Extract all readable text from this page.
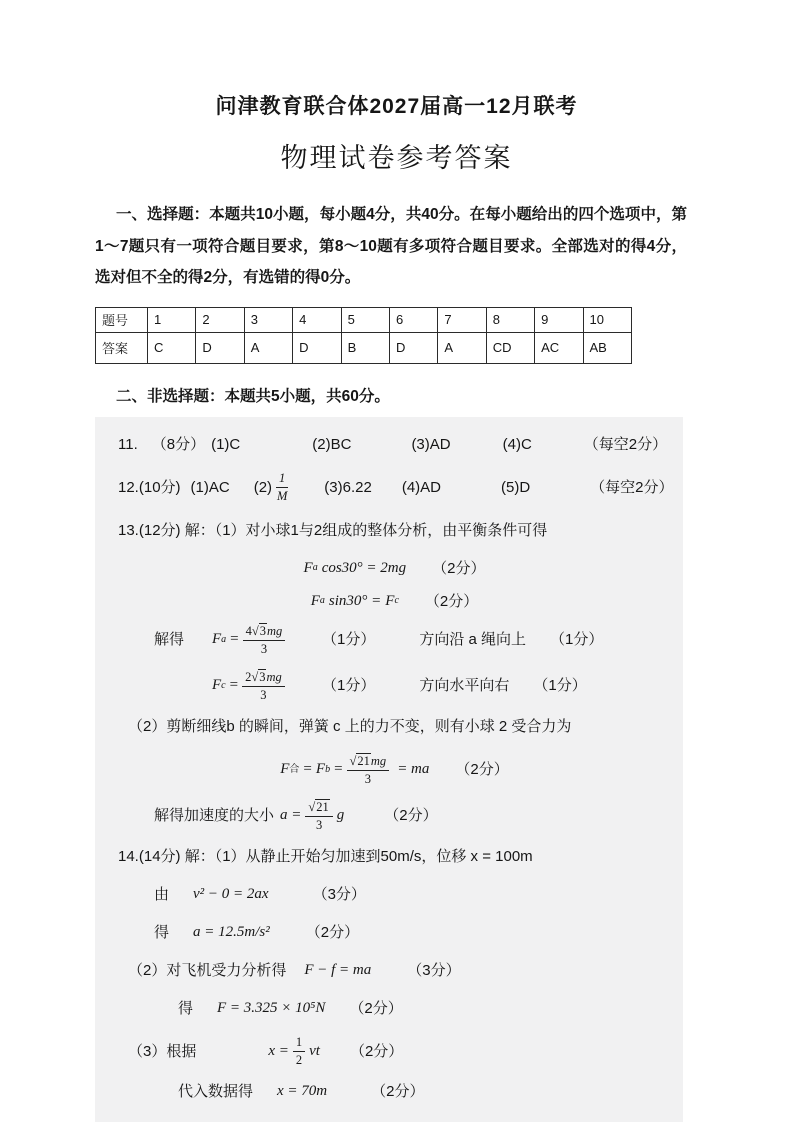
问津教育联合体2027届高一12月联考
物理试卷参考答案

一、选择题：本题共10小题，每小题4分，共40分。在每小题给出的四个选项中，第1～7题只有一项符合题目要求，第8～10题有多项符合题目要求。全部选对的得4分，选对但不全的得2分，有选错的得0分。

题号	1	2	3	4	5	6	7	8	9	10
答案	C	D	A	D	B	D	A	CD	AC	AB

二、非选择题：本题共5小题，共60分。

11. （8分） (1)C	(2)BC	(3)AD	(4)C	（每空2分）
12.(10分) (1)AC $(2) \frac{1}{M} (3)6.22$ (4)AD	(5)D	（每空2分）
13.(12分) 解：（1）对小球1与2组成的整体分析，由平衡条件可得
F a cos30° = 2mg （2分）
F a sin30° = F c （2分）
解得	F $a = \frac{4 √ 3 mg}{3} (1$分）	方向沿 a 绳向上 （1分）
F $c = \frac{2 √ 3 mg}{3} (1$分）	方向水平向右 （1分）
（2）剪断细线b 的瞬间，弹簧 c 上的力不变，则有小球 2 受合力为
F 合 = F $b = \frac{√ 21 mg}{3}$ = ma （2分）
解得加速度的大小 $a = \frac{√ 21}{3}$ g	（2分）
14.(14分) 解：（1）从静止开始匀加速到50m/s，位移 x = 100m
由 v² − 0 = 2ax	（3分）
得 a = 12.5m/s² （2分）
（2）对飞机受力分析得 F − f = ma （3分）
得 F = 3.325 × 10⁵N （2分）
（3）根据	$x = \frac{1}{2}$ vt （2分）
代入数据得 x = 70m	（2分）
